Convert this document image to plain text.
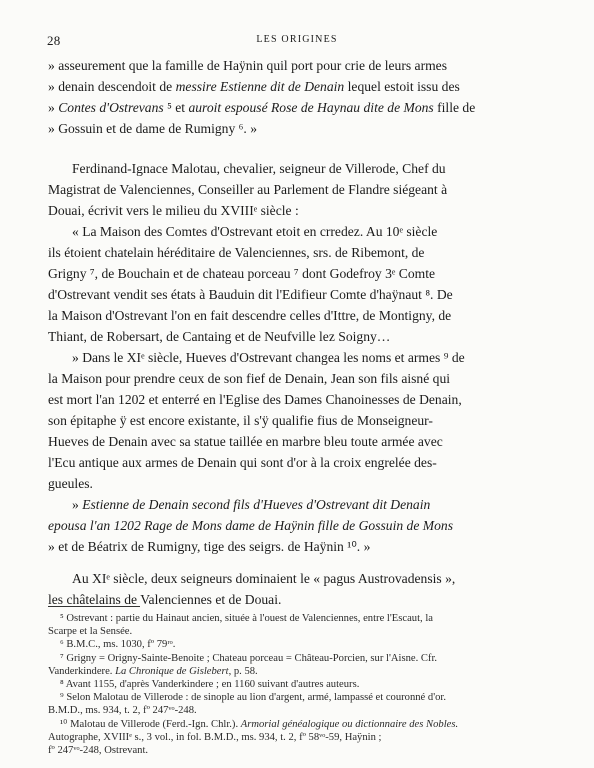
28	LES ORIGINES

» asseurement que la famille de Haÿnin quil port pour crie de leurs armes
» denain descendoit de messire Estienne dit de Denain lequel estoit issu des
» Contes d'Ostrevans ⁵ et auroit espousé Rose de Haynau dite de Mons fille de
» Gossuin et de dame de Rumigny ⁶. »

Ferdinand-Ignace Malotau, chevalier, seigneur de Villerode, Chef du
Magistrat de Valenciennes, Conseiller au Parlement de Flandre siégeant à
Douai, écrivit vers le milieu du XVIIIᵉ siècle :

« La Maison des Comtes d'Ostrevant etoit en crredez. Au 10ᵉ siècle
ils étoient chatelain héréditaire de Valenciennes, srs. de Ribemont, de
Grigny ⁷, de Bouchain et de chateau porceau ⁷ dont Godefroy 3ᵉ Comte
d'Ostrevant vendit ses états à Bauduin dit l'Edifieur Comte d'haÿnaut ⁸. De
la Maison d'Ostrevant l'on en fait descendre celles d'Ittre, de Montigny, de
Thiant, de Robersart, de Cantaing et de Neufville lez Soigny…

» Dans le XIᵉ siècle, Hueves d'Ostrevant changea les noms et armes ⁹ de
la Maison pour prendre ceux de son fief de Denain, Jean son fils aisné qui
est mort l'an 1202 et enterré en l'Eglise des Dames Chanoinesses de Denain,
son épitaphe ÿ est encore existante, il s'ÿ qualifie fius de Monseigneur-
Hueves de Denain avec sa statue taillée en marbre bleu toute armée avec
l'Ecu antique aux armes de Denain qui sont d'or à la croix engrelée des-
gueules.

» Estienne de Denain second fils d'Hueves d'Ostrevant dit Denain
epousa l'an 1202 Rage de Mons dame de Haÿnin fille de Gossuin de Mons
» et de Béatrix de Rumigny, tige des seigrs. de Haÿnin ¹⁰. »

Au XIᵉ siècle, deux seigneurs dominaient le « pagus Austrovadensis »,
les châtelains de Valenciennes et de Douai.

⁵ Ostrevant : partie du Hainaut ancien, située à l'ouest de Valenciennes, entre l'Escaut, la
Scarpe et la Sensée.

⁶ B.M.C., ms. 1030, fº 79ʳᵒ.

⁷ Grigny = Origny-Sainte-Benoite ; Chateau porceau = Château-Porcien, sur l'Aisne. Cfr.
Vanderkindere. La Chronique de Gislebert, p. 58.

⁸ Avant 1155, d'après Vanderkindere ; en 1160 suivant d'autres auteurs.

⁹ Selon Malotau de Villerode : de sinople au lion d'argent, armé, lampassé et couronné d'or.
B.M.D., ms. 934, t. 2, fº 247ᵛᵒ-248.

¹⁰ Malotau de Villerode (Ferd.-Ign. Chlr.). Armorial généalogique ou dictionnaire des Nobles.
Autographe, XVIIIᵉ s., 3 vol., in fol. B.M.D., ms. 934, t. 2, fº 58ᵛᵒ-59, Haÿnin ;
fº 247ᵛᵒ-248, Ostrevant.
